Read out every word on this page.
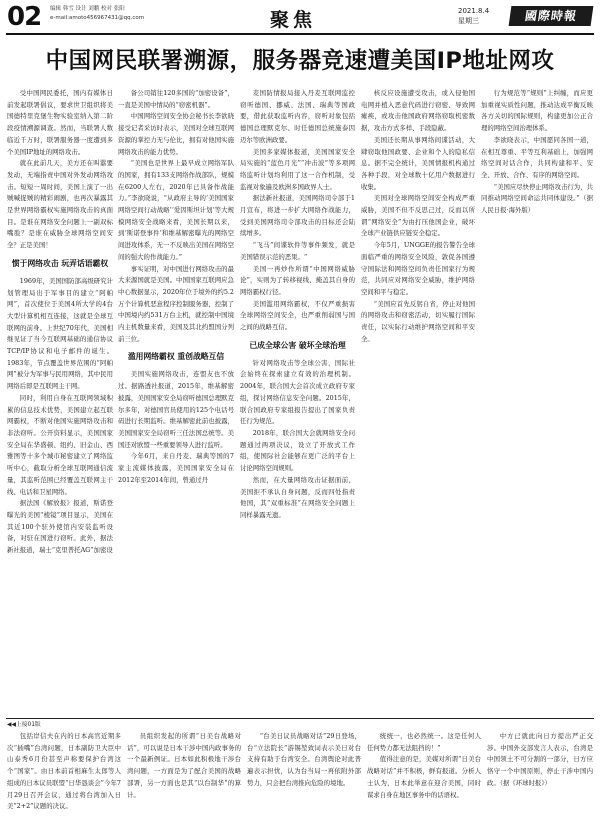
02	编辑 韩雪 设计 刘鹏 校对 张阳
e-mail:amoto456967431@qq.com	聚焦	2021.8.4
星期三	國際時報
中国网民联署溯源，服务器竞速遭美国IP地址网攻

受中国网民委托，国内有媒体日前发起联署倡议，要求世卫组织将美国德特里克堡生物实验室纳入第二阶段疫情溯源调查。然而，当联署人数临近千万时，联署服务器一度遭到多个美国IP地址的网络攻击。

就在此前几天，美方还在叫嚣要发动，无端指责中国对外发动网络攻击。短短一周时间，美国上演了一出贼喊捉贼的精彩闹剧，也再次暴露其是世界网络霸权实施网络攻击的真面目。是谁在网络安全问题上一副双标嘴脸？是谁在威胁全球网络空间安全？正是美国！

惯于网络攻击 玩弄话语霸权

1969年，美国国防部高级研究计划管理局出于军事目的建立“阿帕网”，首次使位于美国4所大学的4台大型计算机相互连接，这就是全球互联网的前身。上世纪70年代，美国相继见证了当今互联网基础的通信协议TCP/IP协议和电子邮件的诞生。1983年，节点覆盖世界范围的“阿帕网”被分为军事与民用网络，其中民用网络后即是互联网主干网。

同时，利用自身在互联网领域积累的信息技术优势，美国建立起互联网霸权，不断对他国实施网络攻击和非法窃听。公开资料显示，美国国家安全局在华盛顿、纽约、旧金山、西雅图等十多个城市秘密建立了网络监听中心，截取分析全球互联网通信流量，其监听范围已经覆盖互联网主干线、电话和卫星网络。

据法国《解放报》报道，斯诺登曝光的美国“棱镜”项目显示，美国在其近100个驻外使馆内安装监听设备，对驻在国进行窃听。此外，据法新社报道，瑞士“克里普托AG”加密设

备公司销往120多国的“加密设备”，一直是美国中情局的“窃密机器”。

中国网络空间安全协会秘书长李欲晓接受记者采访时表示，美国对全球互联网资源的掌控力无与伦比，拥有对他国实施网络攻击的能力优势。

“美国也是世界上最早成立网络军队的国家，拥有133支网络作战部队，规模在6200人左右，2020年已具备作战能力。”李欲晓说，“从政府主导的‘美国国家网络空间行动战略’‘爱因斯坦计划’等大规模网络安全战略来看，美国长期以来，到‘斯诺登事件’和维基解密曝光的网络空间进攻体系，无一不反映出美国在网络空间的强大的作战能力。”

事实证明，对中国进行网络攻击的最大来源国就是美国。中国国家互联网应急中心数据显示，2020年位于境外的约5.2万个计算机恶意程序控制服务器，控制了中国境内约531万台主机，就控制中国境内主机数量来看，美国及其北约盟国分列前三位。

滥用网络霸权 重创战略互信

美国实施网络攻击，连盟友也不放过。据路透社报道，2015年，维基解密披露，美国国家安全局窃听德国总理默克尔多年，对德国官员使用的125个电话号码进行长期监听。维基解密此前也披露，美国国家安全局窃听三任法国总统等。美国还对欧盟一些重要领导人进行监听。

今年6月，来自丹麦、瑞典等国的7家主流媒体披露，美国国家安全局在2012年至2014年间，曾通过丹

麦国防情报局接入丹麦互联网监控窃听德国、挪威、法国、瑞典等国政要，借此获取监听内容，窃听对象包括德国总理默克尔、时任德国总统施泰因迈尔等欧洲政要。

美国多家媒体报道，美国国家安全局实施的“蓝色月光”“冲击波”等多项网络监听计划均利用了这一合作机制，受监视对象遍及欧洲多国政界人士。

据法新社报道，美国网络司令部于1月宣布，将进一步扩大网络作战能力，受到美国网络司令部攻击的目标还会陆续增多。

“飞马”间谍软件等事件频发，就是美国错误示范的恶果。“

美国一再炒作所谓“中国网络威胁论”，实则为了转移视线、掩盖其自身的网络霸权行径。

美国滥用网络霸权，不仅严重损害全球网络空间安全，也严重削弱国与国之间的战略互信。

已成全球公害 破坏全球治理

针对网络攻击等全球公害，国际社会始终在探索建立有效的治理机制。2004年，联合国大会首次成立政府专家组，探讨网络信息安全问题。2015年，联合国政府专家组报告提出了国家负责任行为规范。

2018年，联合国大会就网络安全问题通过两项决议，设立了开放式工作组，使国际社会能够在更广泛的平台上讨论网络空间规则。

然而，在大量网络攻击证据面前，美国拒不承认自身问题，反而四处指责他国，其“双重标准”在网络安全问题上同样暴露无遗。

核反应设施遭受攻击，或入侵他国电网并植入恶意代码进行窃密、导致网瘫痪，或攻击他国政府网络窃取机密数据，攻击方式多样、手段隐蔽。

美国还长期从事网络间谍活动，大肆窃取他国政要、企业和个人的隐私信息。据不完全统计，美国情报机构通过各种手段，对全球数十亿用户数据进行收集。

美国对全球网络空间安全构成严重威胁，美国不但不反思己过，反而以所谓“网络安全”为由打压他国企业，破坏全球产业链供应链安全稳定。

今年5月，UNGGE的报告警告全球面临严重的网络安全风险，敦促各国遵守国际法和网络空间负责任国家行为规范，共同应对网络安全威胁，维护网络空间和平与稳定。

“美国应首先反躬自省，停止对他国的网络攻击和窃密活动，切实履行国际责任，以实际行动维护网络空间和平安全。

行为规范等“规则”上纠缠，而应更加重视实质性问题，推动达成平衡反映各方关切的国际规则，构建更加公正合理的网络空间治理体系。

李欲晓表示，中国愿同各国一道，在相互尊重、平等互利基础上，加强网络空间对话合作，共同构建和平、安全、开放、合作、有序的网络空间。

“美国应尽快停止网络攻击行为，共同推动网络空间命运共同体建设。”（据人民日报·海外版）

◀◀上接01版

包括岸信夫在内的日本高官近期多次“插嘴”台湾问题，日本副防卫大臣中山泰秀6月份甚至声称要保护台湾这个“国家”。由日本前首相麻生太郎等人组成的日本议员联盟“日华恳谈会”今年7月29日召开会议，通过将台湾加入日美“2+2”议题的决议。

员组织发起的所谓“日美台战略对话”，可以说是日本干涉中国内政事务的一个最新例证。日本如此积极地干涉台湾问题，一方面是为了配合美国的战略部署，另一方面也是其“以台制华”的算计。

“台美日议员战略对话”29日登场，台“立法院长”游锡堃致词表示美日对台支持有助于台湾安全。台湾舆论对此普遍表示担忧，认为台当局一再依附外部势力，只会把台湾推向危险的境地。

统统一，也必然统一。这是任何人任何势力都无法阻挡的！”

值得注意的是，美媒对所谓“日美台战略对话”并不积极，鲜有报道。分析人士认为，日本此举意在迎合美国，同时谋求自身在地区事务中的话语权。

中方已就此向日方提出严正交涉。中国外交部发言人表示，台湾是中国领土不可分割的一部分，日方应恪守一个中国原则，停止干涉中国内政。（据《环球时报》）
